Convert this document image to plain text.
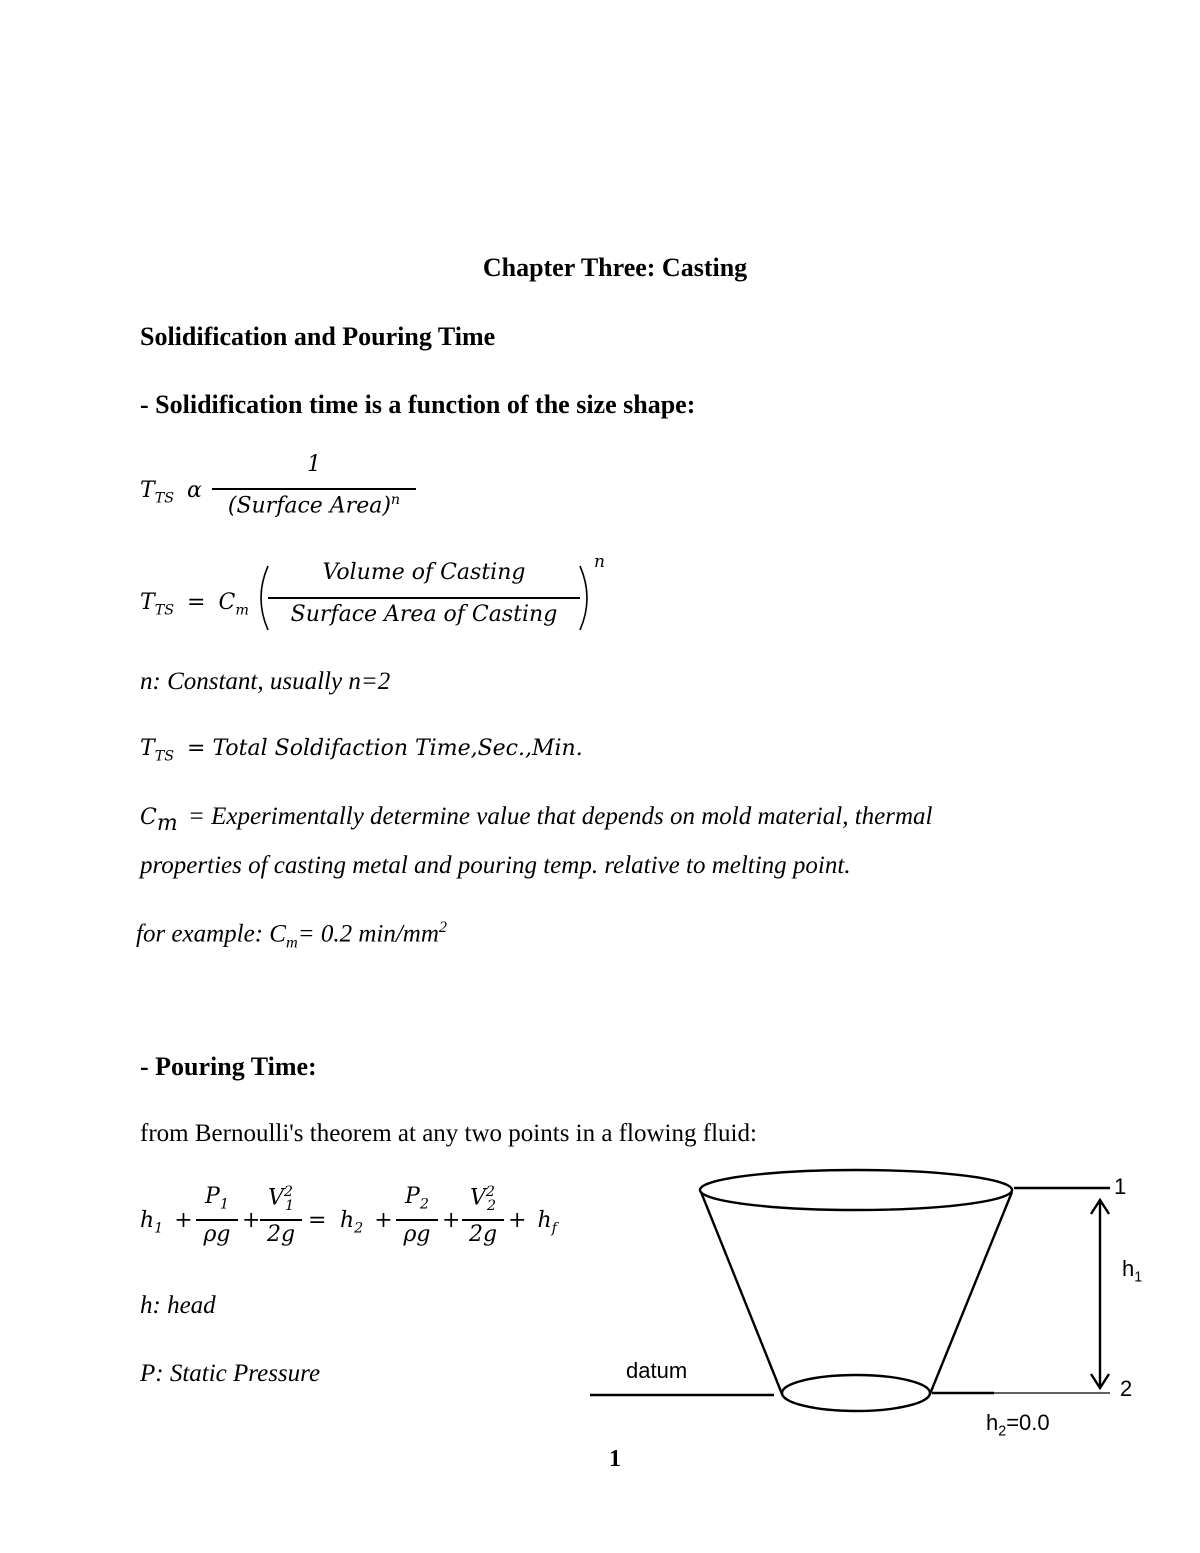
Chapter Three: Casting
Solidification and Pouring Time
- Solidification time is a function of the size shape:
$T_{TS}$ α
1
(Surface Area)$^n$
$T_{TS} = C_m$
Volume of Casting
Surface Area of Casting
n
n: Constant, usually n=2
$T_{TS}$ = Total Soldifaction Time,Sec.,Min.
$C_m$ = Experimentally determine value that depends on mold material, thermal
properties of casting metal and pouring temp. relative to melting point.
for example: $C_m= 0.2$ $\min/mm^2$
- Pouring Time:
from Bernoulli's theorem at any two points in a flowing fluid:
$h_1$ +
$P_1$
ρg
+
$V^2_1$
2g
= $h_2$ +
$P_2$
ρg
+
$V^2_2$
2g
+ $h_f$
h: head
P: Static Pressure
1
2
$h_1$
datum
$h_2=0.0$
1
